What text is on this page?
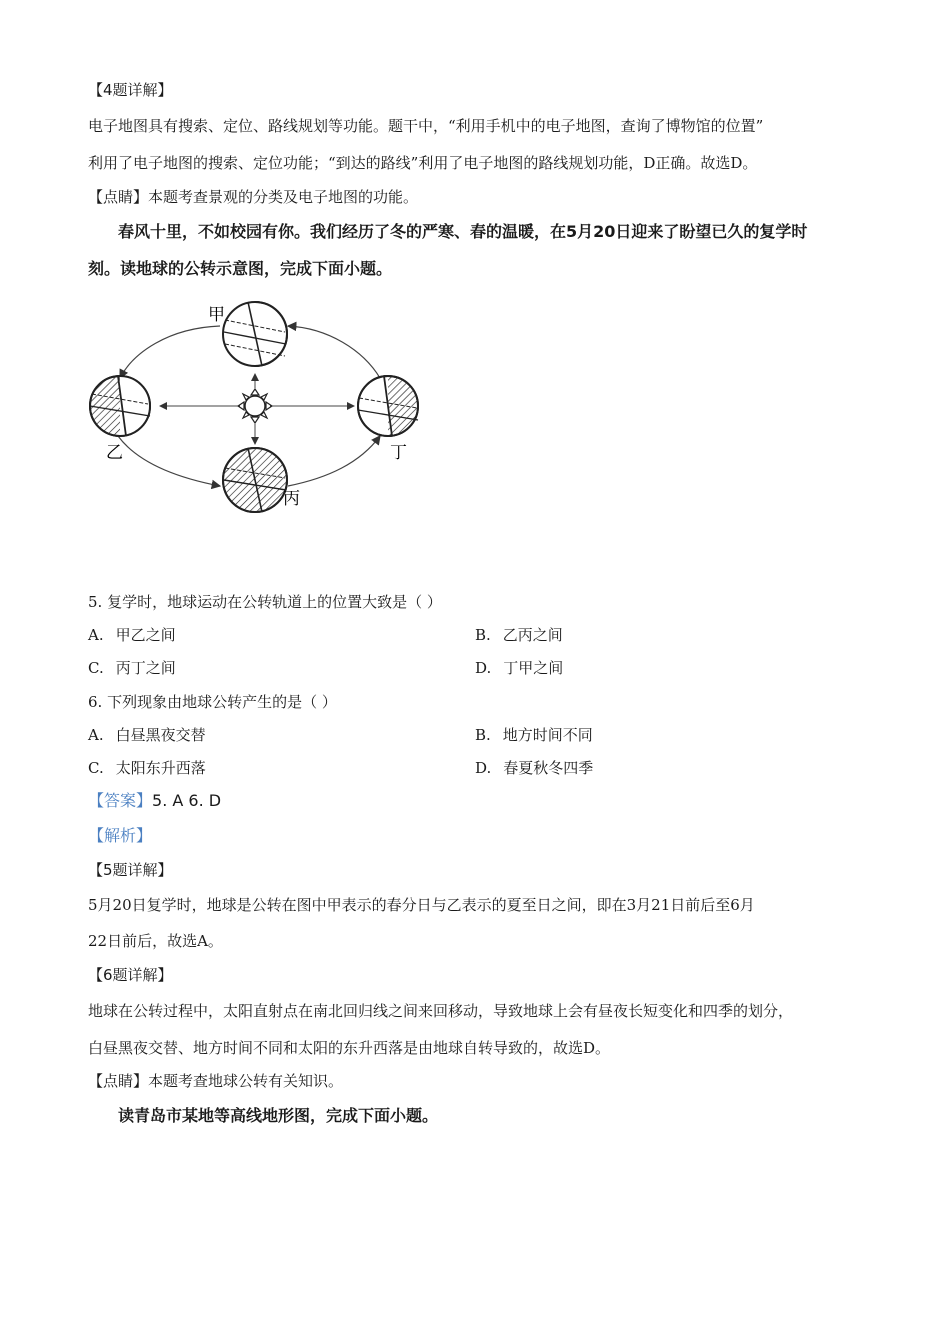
【4题详解】
电子地图具有搜索、定位、路线规划等功能。题干中，“利用手机中的电子地图，查询了博物馆的位置”
利用了电子地图的搜索、定位功能；“到达的路线”利用了电子地图的路线规划功能，D正确。故选D。
【点睛】本题考查景观的分类及电子地图的功能。
春风十里，不如校园有你。我们经历了冬的严寒、春的温暖，在5月20日迎来了盼望已久的复学时
刻。读地球的公转示意图，完成下面小题。
甲
乙
丙
丁
5. 复学时，地球运动在公转轨道上的位置大致是（ ）
A. 甲乙之间	B. 乙丙之间
C. 丙丁之间	D. 丁甲之间
6. 下列现象由地球公转产生的是（ ）
A. 白昼黑夜交替	B. 地方时间不同
C. 太阳东升西落	D. 春夏秋冬四季
【答案】5. A 6. D
【解析】
【5题详解】
5月20日复学时，地球是公转在图中甲表示的春分日与乙表示的夏至日之间，即在3月21日前后至6月
22日前后，故选A。
【6题详解】
地球在公转过程中，太阳直射点在南北回归线之间来回移动，导致地球上会有昼夜长短变化和四季的划分，
白昼黑夜交替、地方时间不同和太阳的东升西落是由地球自转导致的，故选D。
【点睛】本题考查地球公转有关知识。
读青岛市某地等高线地形图，完成下面小题。
